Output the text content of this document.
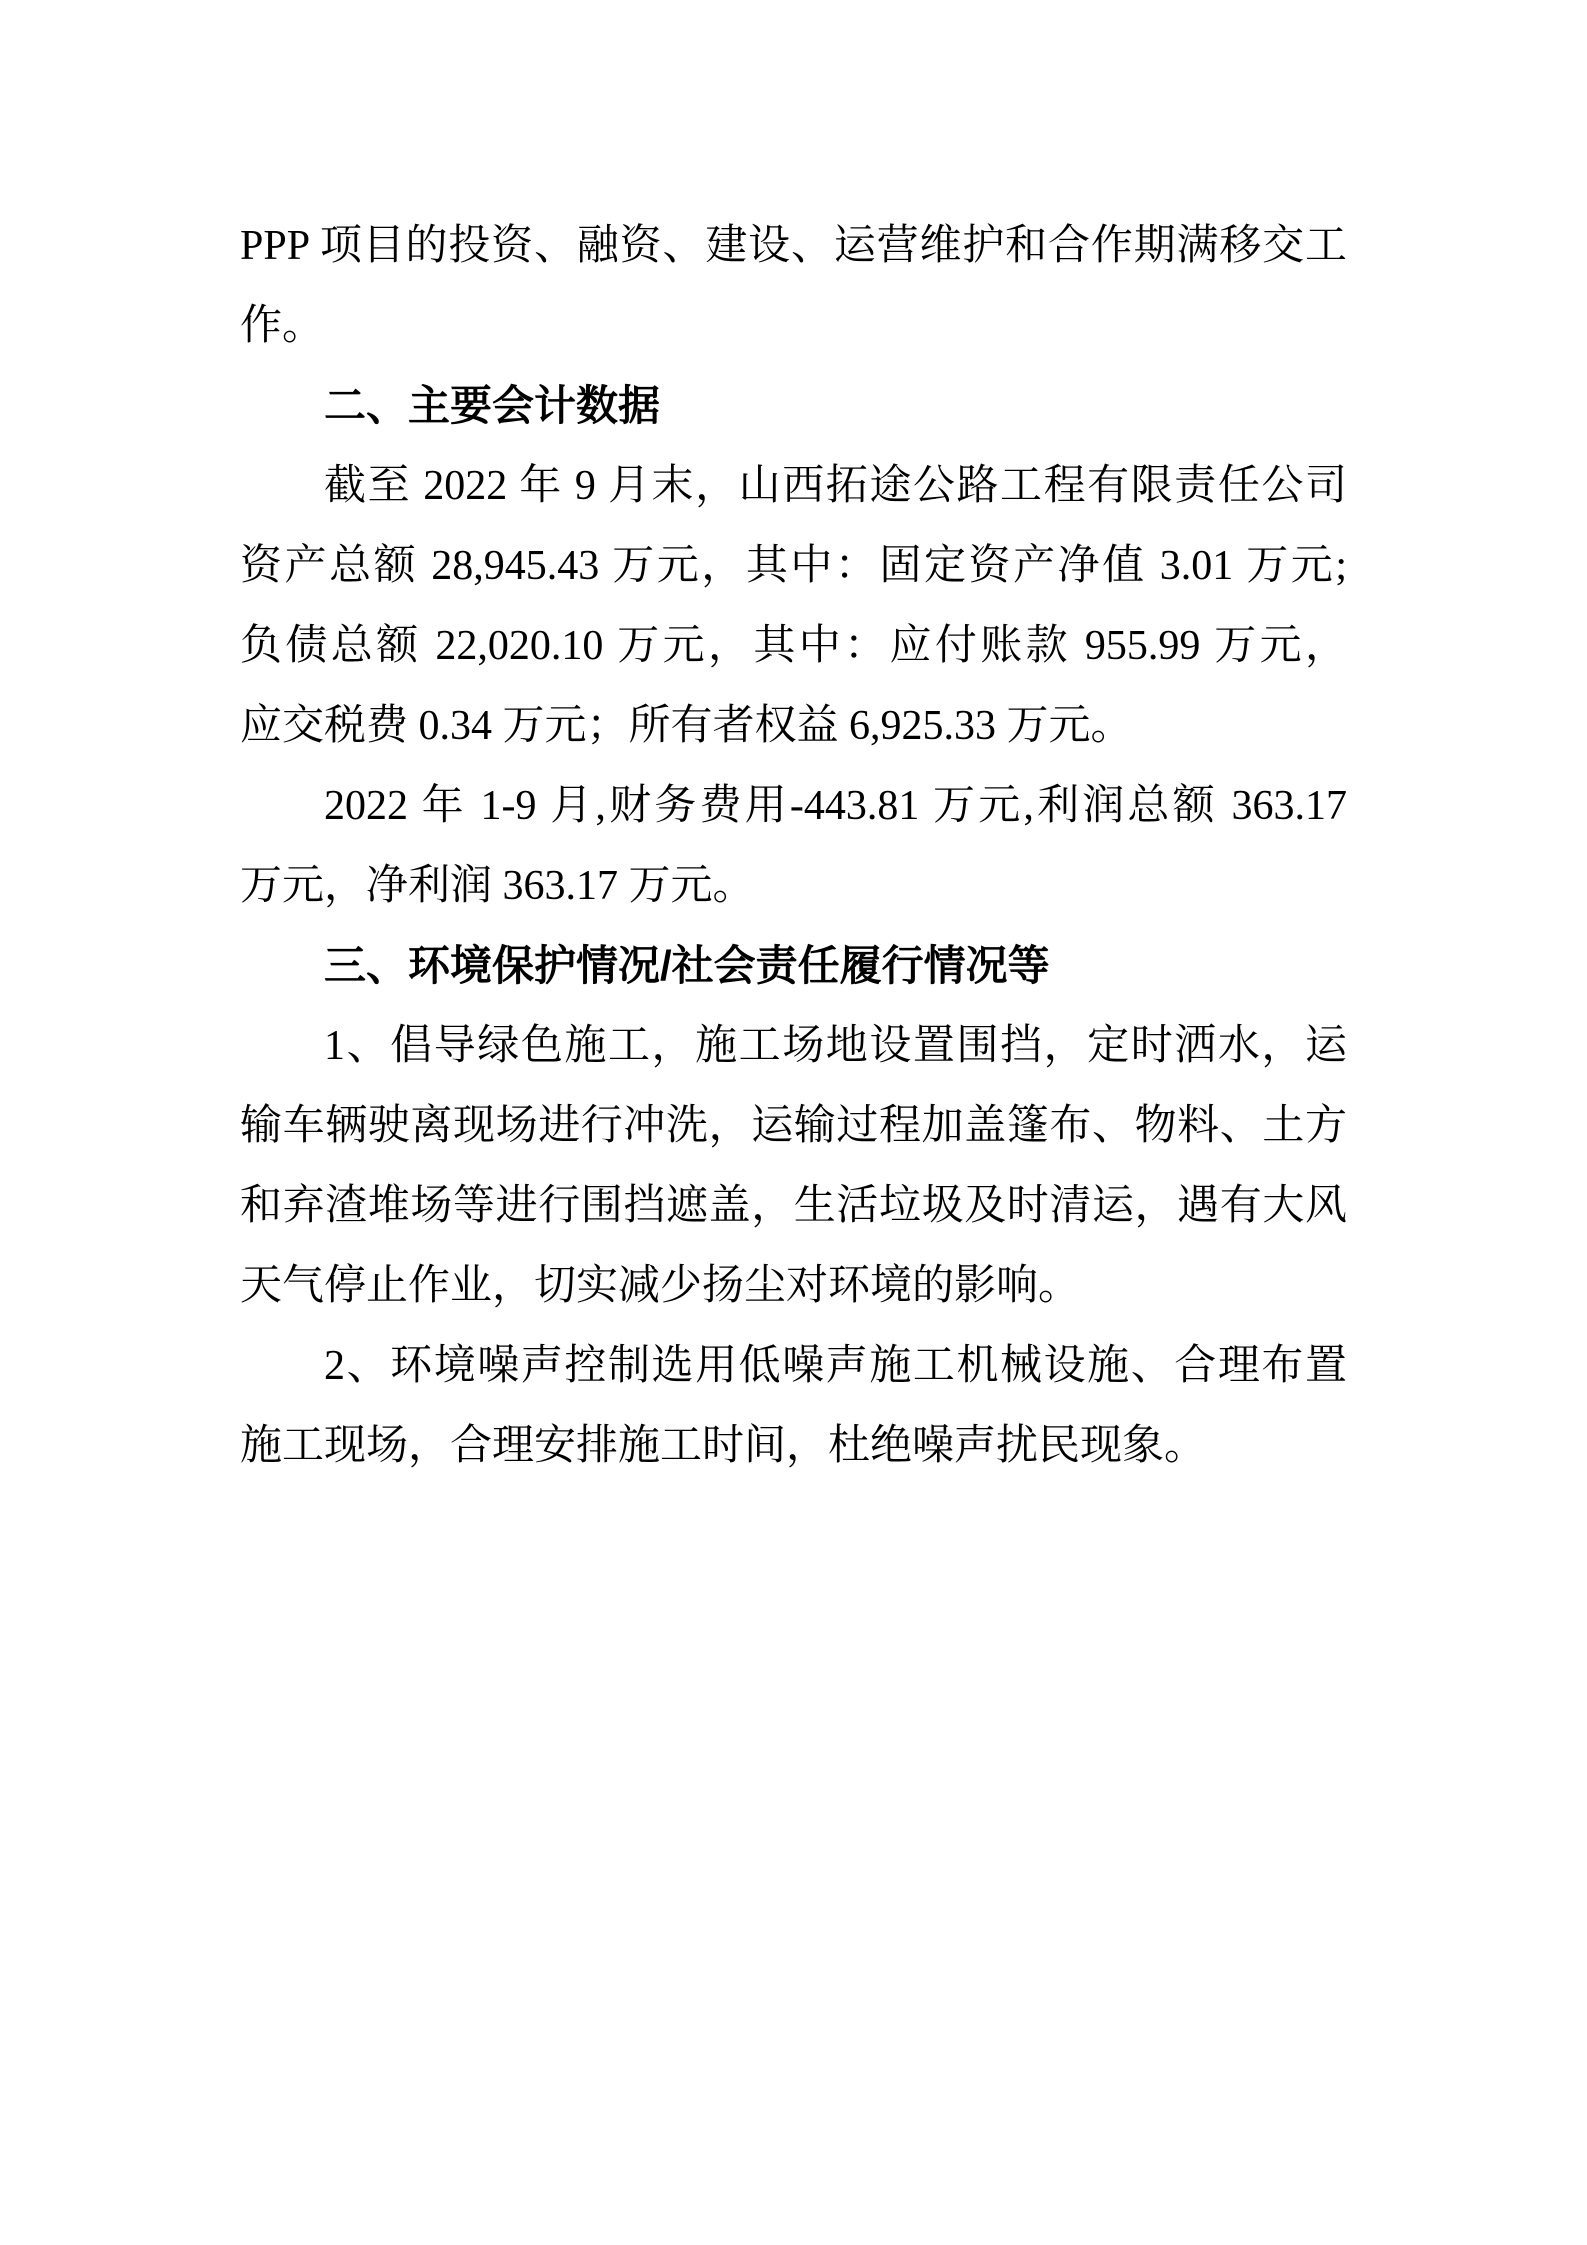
PPP 项目的投资、融资、建设、运营维护和合作期满移交工
作。
二、主要会计数据
截至 2022 年 9 月末，山西拓途公路工程有限责任公司
资产总额 28,945.43 万元，其中：固定资产净值 3.01 万元;
负债总额 22,020.10 万元，其中：应付账款 955.99 万元，
应交税费 0.34 万元；所有者权益 6,925.33 万元。
2022 年 1-9 月,财务费用-443.81 万元,利润总额 363.17
万元，净利润 363.17 万元。
三、环境保护情况/社会责任履行情况等
1、倡导绿色施工，施工场地设置围挡，定时洒水，运
输车辆驶离现场进行冲洗，运输过程加盖篷布、物料、土方
和弃渣堆场等进行围挡遮盖，生活垃圾及时清运，遇有大风
天气停止作业，切实减少扬尘对环境的影响。
2、环境噪声控制选用低噪声施工机械设施、合理布置
施工现场，合理安排施工时间，杜绝噪声扰民现象。
